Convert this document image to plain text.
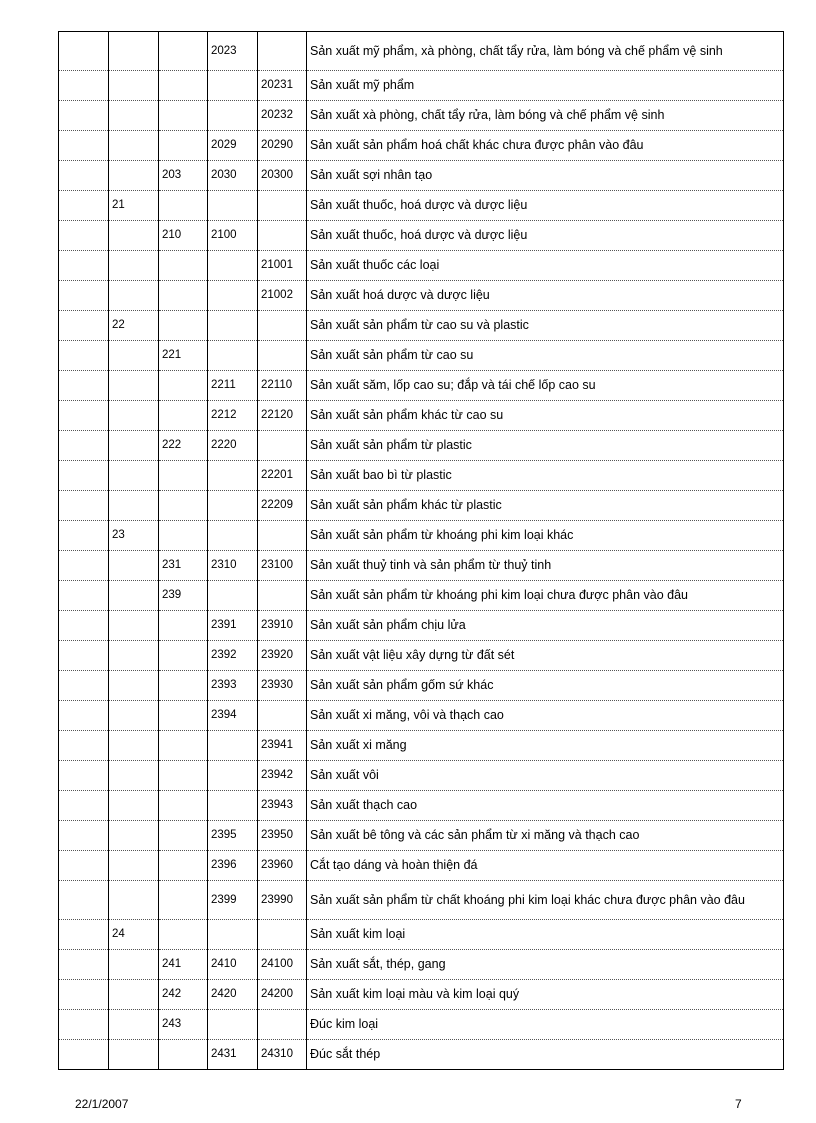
			2023		Sản xuất mỹ phẩm, xà phòng, chất tẩy rửa, làm bóng và chế phẩm vệ sinh
				20231	Sản xuất mỹ phẩm
				20232	Sản xuất xà phòng, chất tẩy rửa, làm bóng và chế phẩm vệ sinh
			2029	20290	Sản xuất sản phẩm hoá chất khác chưa được phân vào đâu
		203	2030	20300	Sản xuất sợi nhân tạo
	21				Sản xuất thuốc, hoá dược và dược liệu
		210	2100		Sản xuất thuốc, hoá dược và dược liệu
				21001	Sản xuất thuốc các loại
				21002	Sản xuất hoá dược và dược liệu
	22				Sản xuất sản phẩm từ cao su và plastic
		221			Sản xuất sản phẩm từ cao su
			2211	22110	Sản xuất săm, lốp cao su; đắp và tái chế lốp cao su
			2212	22120	Sản xuất sản phẩm khác từ cao su
		222	2220		Sản xuất sản phẩm từ plastic
				22201	Sản xuất bao bì từ plastic
				22209	Sản xuất sản phẩm khác từ plastic
	23				Sản xuất sản phẩm từ khoáng phi kim loại khác
		231	2310	23100	Sản xuất thuỷ tinh và sản phẩm từ thuỷ tinh
		239			Sản xuất sản phẩm từ khoáng phi kim loại chưa được phân vào đâu
			2391	23910	Sản xuất sản phẩm chịu lửa
			2392	23920	Sản xuất vật liệu xây dựng từ đất sét
			2393	23930	Sản xuất sản phẩm gốm sứ khác
			2394		Sản xuất xi măng, vôi và thạch cao
				23941	Sản xuất xi măng
				23942	Sản xuất vôi
				23943	Sản xuất thạch cao
			2395	23950	Sản xuất bê tông và các sản phẩm từ xi măng và thạch cao
			2396	23960	Cắt tạo dáng và hoàn thiện đá
			2399	23990	Sản xuất sản phẩm từ chất khoáng phi kim loại khác chưa được phân vào đâu
	24				Sản xuất kim loại
		241	2410	24100	Sản xuất sắt, thép, gang
		242	2420	24200	Sản xuất kim loại màu và kim loại quý
		243			Đúc kim loại
			2431	24310	Đúc sắt thép
22/1/2007	7
